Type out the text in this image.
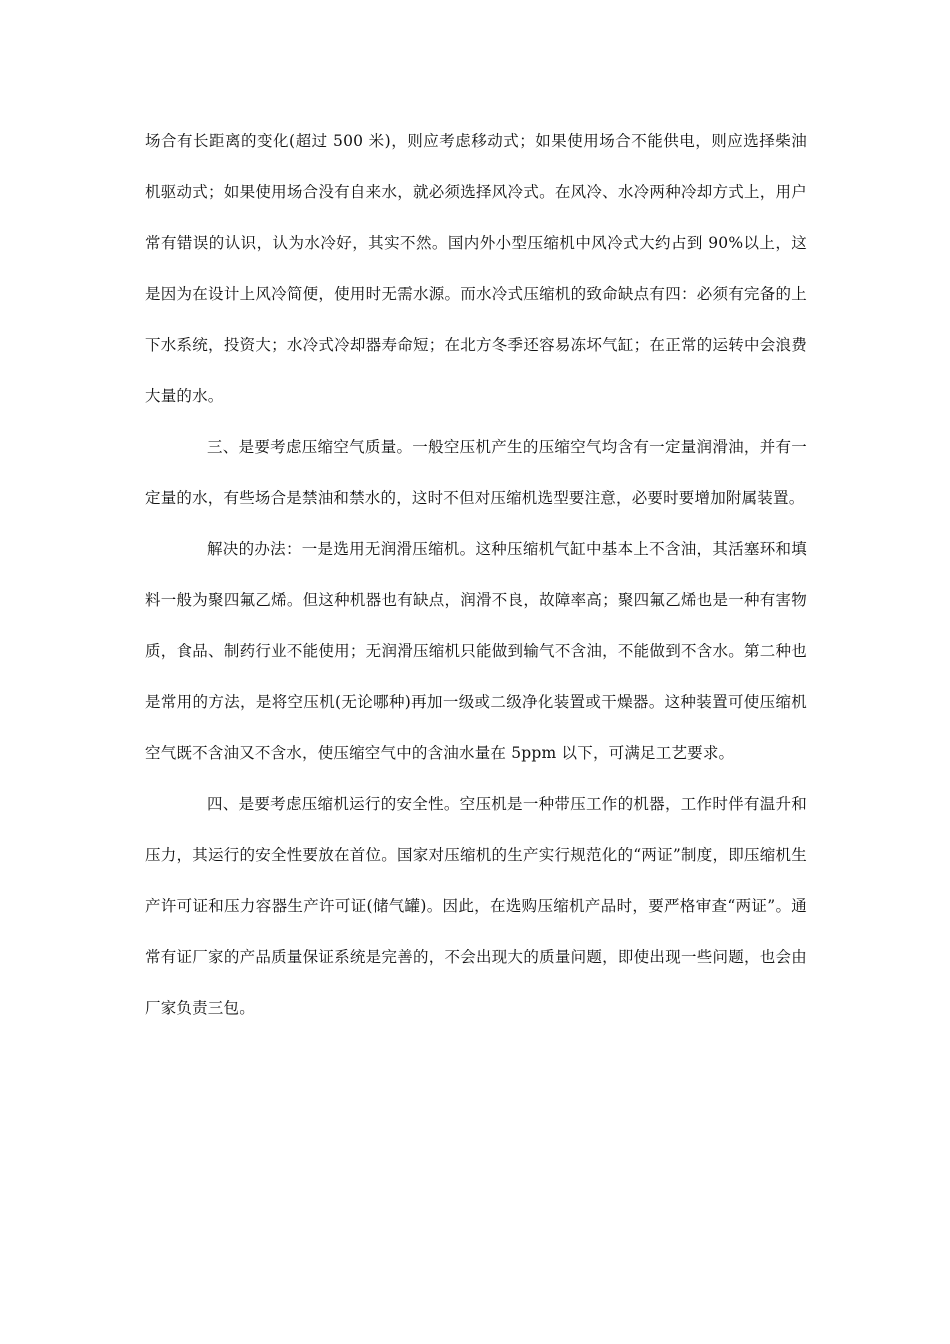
场合有长距离的变化(超过 500 米)，则应考虑移动式；如果使用场合不能供电，则应选择柴油机驱动式；如果使用场合没有自来水，就必须选择风冷式。在风冷、水冷两种冷却方式上，用户常有错误的认识，认为水冷好，其实不然。国内外小型压缩机中风冷式大约占到 90%以上，这是因为在设计上风冷简便，使用时无需水源。而水冷式压缩机的致命缺点有四：必须有完备的上下水系统，投资大；水冷式冷却器寿命短；在北方冬季还容易冻坏气缸；在正常的运转中会浪费大量的水。

三、是要考虑压缩空气质量。一般空压机产生的压缩空气均含有一定量润滑油，并有一定量的水，有些场合是禁油和禁水的，这时不但对压缩机选型要注意，必要时要增加附属装置。

解决的办法：一是选用无润滑压缩机。这种压缩机气缸中基本上不含油，其活塞环和填料一般为聚四氟乙烯。但这种机器也有缺点，润滑不良，故障率高；聚四氟乙烯也是一种有害物质，食品、制药行业不能使用；无润滑压缩机只能做到输气不含油，不能做到不含水。第二种也是常用的方法，是将空压机(无论哪种)再加一级或二级净化装置或干燥器。这种装置可使压缩机空气既不含油又不含水，使压缩空气中的含油水量在 5ppm 以下，可满足工艺要求。

四、是要考虑压缩机运行的安全性。空压机是一种带压工作的机器，工作时伴有温升和压力，其运行的安全性要放在首位。国家对压缩机的生产实行规范化的“两证”制度，即压缩机生产许可证和压力容器生产许可证(储气罐)。因此，在选购压缩机产品时，要严格审查“两证”。通常有证厂家的产品质量保证系统是完善的，不会出现大的质量问题，即使出现一些问题，也会由厂家负责三包。
